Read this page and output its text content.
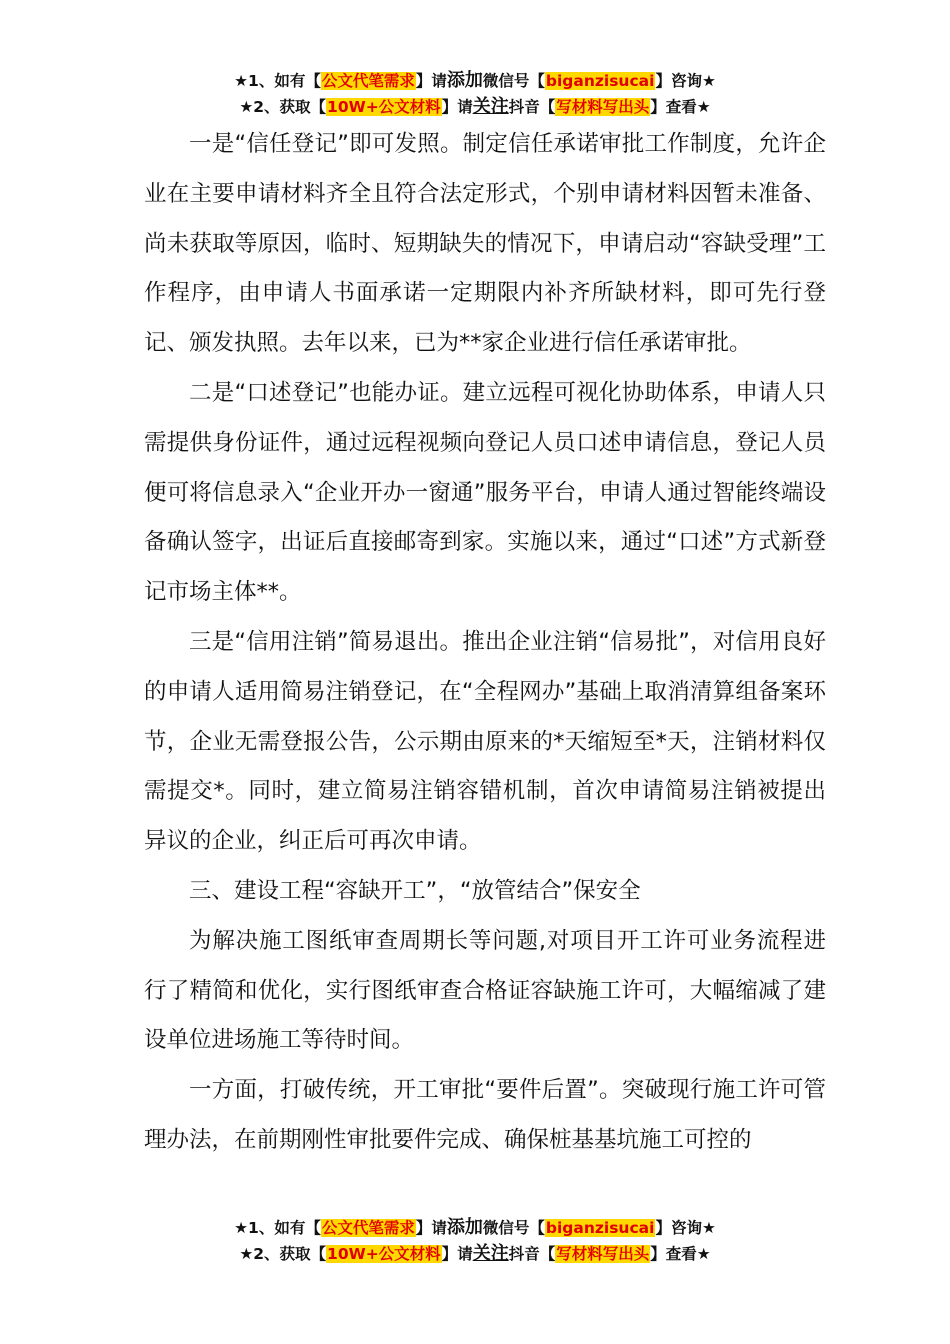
★1、如有【公文代笔需求】请添加微信号【biganzisucai】咨询★
★2、获取【10W+公文材料】请关注抖音【写材料写出头】查看★

一是“信任登记”即可发照。制定信任承诺审批工作制度，允许企业在主要申请材料齐全且符合法定形式，个别申请材料因暂未准备、尚未获取等原因，临时、短期缺失的情况下，申请启动“容缺受理”工作程序，由申请人书面承诺一定期限内补齐所缺材料，即可先行登记、颁发执照。去年以来，已为**家企业进行信任承诺审批。

二是“口述登记”也能办证。建立远程可视化协助体系，申请人只需提供身份证件，通过远程视频向登记人员口述申请信息，登记人员便可将信息录入“企业开办一窗通”服务平台，申请人通过智能终端设备确认签字，出证后直接邮寄到家。实施以来，通过“口述”方式新登记市场主体**。

三是“信用注销”简易退出。推出企业注销“信易批”，对信用良好的申请人适用简易注销登记，在“全程网办”基础上取消清算组备案环节，企业无需登报公告，公示期由原来的*天缩短至*天，注销材料仅需提交*。同时，建立简易注销容错机制，首次申请简易注销被提出异议的企业，纠正后可再次申请。

三、建设工程“容缺开工”，“放管结合”保安全

为解决施工图纸审查周期长等问题,对项目开工许可业务流程进行了精简和优化，实行图纸审查合格证容缺施工许可，大幅缩减了建设单位进场施工等待时间。

一方面，打破传统，开工审批“要件后置”。突破现行施工许可管理办法，在前期刚性审批要件完成、确保桩基基坑施工可控的

★1、如有【公文代笔需求】请添加微信号【biganzisucai】咨询★
★2、获取【10W+公文材料】请关注抖音【写材料写出头】查看★
